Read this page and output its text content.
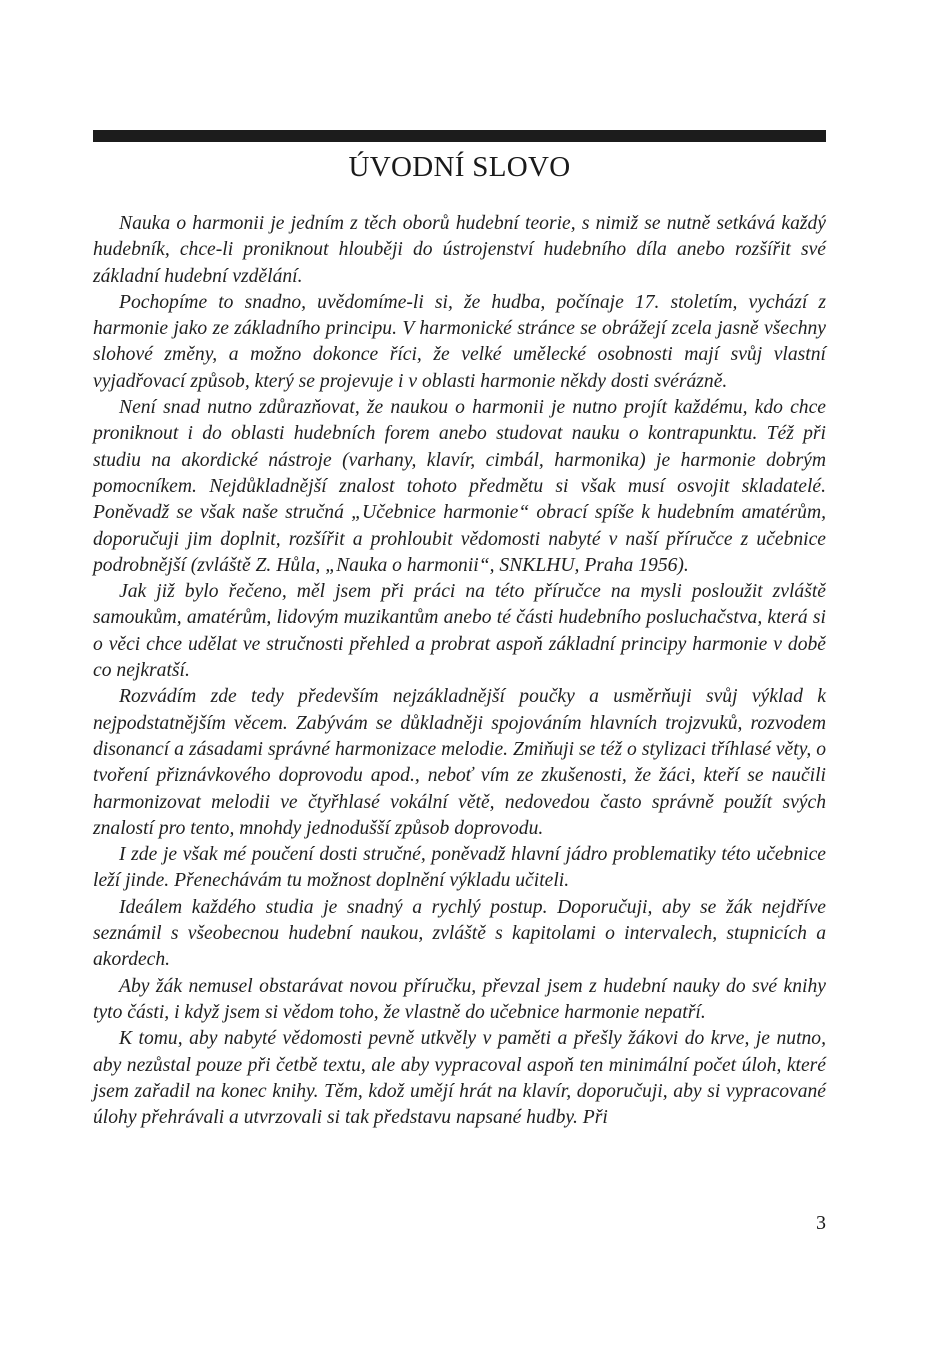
ÚVODNÍ SLOVO

Nauka o harmonii je jedním z těch oborů hudební teorie, s nimiž se nutně setkává každý hudebník, chce-li proniknout hlouběji do ústrojenství hudebního díla anebo rozšířit své základní hudební vzdělání.

Pochopíme to snadno, uvědomíme-li si, že hudba, počínaje 17. stoletím, vychází z harmonie jako ze základního principu. V harmonické stránce se obrážejí zcela jasně všechny slohové změny, a možno dokonce říci, že velké umělecké osobnosti mají svůj vlastní vyjadřovací způsob, který se projevuje i v oblasti harmonie někdy dosti svérázně.

Není snad nutno zdůrazňovat, že naukou o harmonii je nutno projít každému, kdo chce proniknout i do oblasti hudebních forem anebo studovat nauku o kontrapunktu. Též při studiu na akordické nástroje (varhany, klavír, cimbál, harmonika) je harmonie dobrým pomocníkem. Nejdůkladnější znalost tohoto předmětu si však musí osvojit skladatelé. Poněvadž se však naše stručná „Učebnice harmonie“ obrací spíše k hudebním amatérům, doporučuji jim doplnit, rozšířit a prohloubit vědomosti nabyté v naší příručce z učebnice podrobnější (zvláště Z. Hůla, „Nauka o harmonii“, SNKLHU, Praha 1956).

Jak již bylo řečeno, měl jsem při práci na této příručce na mysli posloužit zvláště samoukům, amatérům, lidovým muzikantům anebo té části hudebního posluchačstva, která si o věci chce udělat ve stručnosti přehled a probrat aspoň základní principy harmonie v době co nejkratší.

Rozvádím zde tedy především nejzákladnější poučky a usměrňuji svůj výklad k nejpodstatnějším věcem. Zabývám se důkladněji spojováním hlavních trojzvuků, rozvodem disonancí a zásadami správné harmonizace melodie. Zmiňuji se též o stylizaci tříhlasé věty, o tvoření přiznávkového doprovodu apod., neboť vím ze zkušenosti, že žáci, kteří se naučili harmonizovat melodii ve čtyřhlasé vokální větě, nedovedou často správně použít svých znalostí pro tento, mnohdy jednodušší způsob doprovodu.

I zde je však mé poučení dosti stručné, poněvadž hlavní jádro problematiky této učebnice leží jinde. Přenechávám tu možnost doplnění výkladu učiteli.

Ideálem každého studia je snadný a rychlý postup. Doporučuji, aby se žák nejdříve seznámil s všeobecnou hudební naukou, zvláště s kapitolami o intervalech, stupnicích a akordech.

Aby žák nemusel obstarávat novou příručku, převzal jsem z hudební nauky do své knihy tyto části, i když jsem si vědom toho, že vlastně do učebnice harmonie nepatří.

K tomu, aby nabyté vědomosti pevně utkvěly v paměti a přešly žákovi do krve, je nutno, aby nezůstal pouze při četbě textu, ale aby vypracoval aspoň ten minimální počet úloh, které jsem zařadil na konec knihy. Těm, kdož umějí hrát na klavír, doporučuji, aby si vypracované úlohy přehrávali a utvrzovali si tak představu napsané hudby. Při

3
